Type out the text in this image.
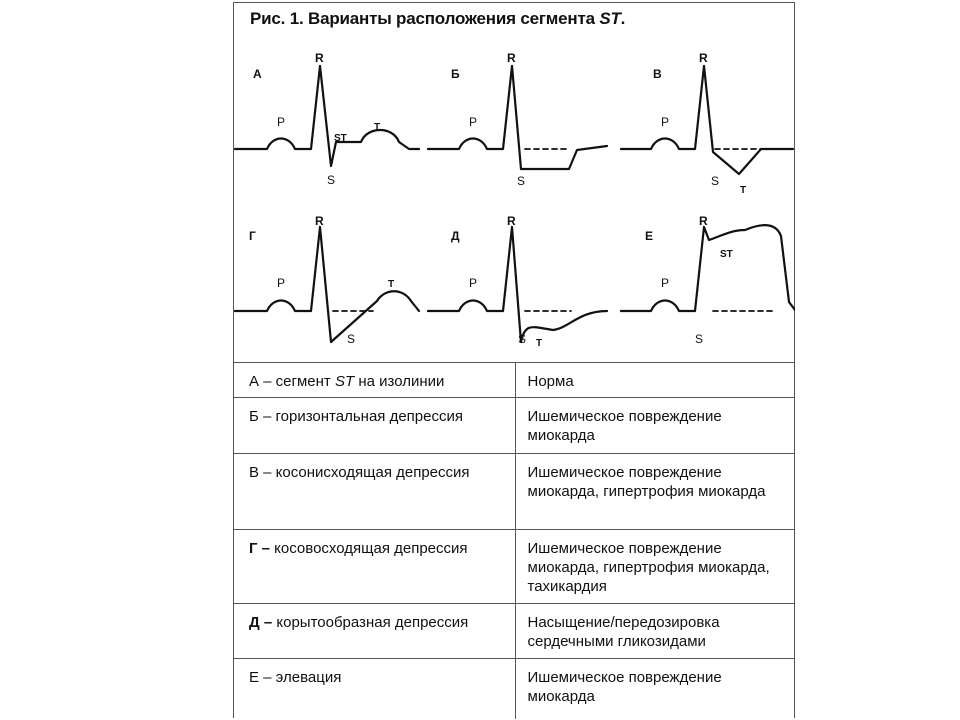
Рис. 1. Варианты расположения сегмента ST.
А	Б	В
Г	Д	Е
R
P
S
T
ST
R
P
S
R
P
S
T
R
P
S
T
R
P
S T
R
P
S
ST
А – сегмент ST на изолинии	Норма
Б – горизонтальная депрессия	Ишемическое повреждение миокарда
В – косонисходящая депрессия	Ишемическое повреждение миокарда, гипертрофия миокарда
Г – косовосходящая депрессия	Ишемическое повреждение миокарда, гипертрофия миокарда, тахикардия
Д – корытообразная депрессия	Насыщение/передозировка сердечными гликозидами
Е – элевация	Ишемическое повреждение миокарда
